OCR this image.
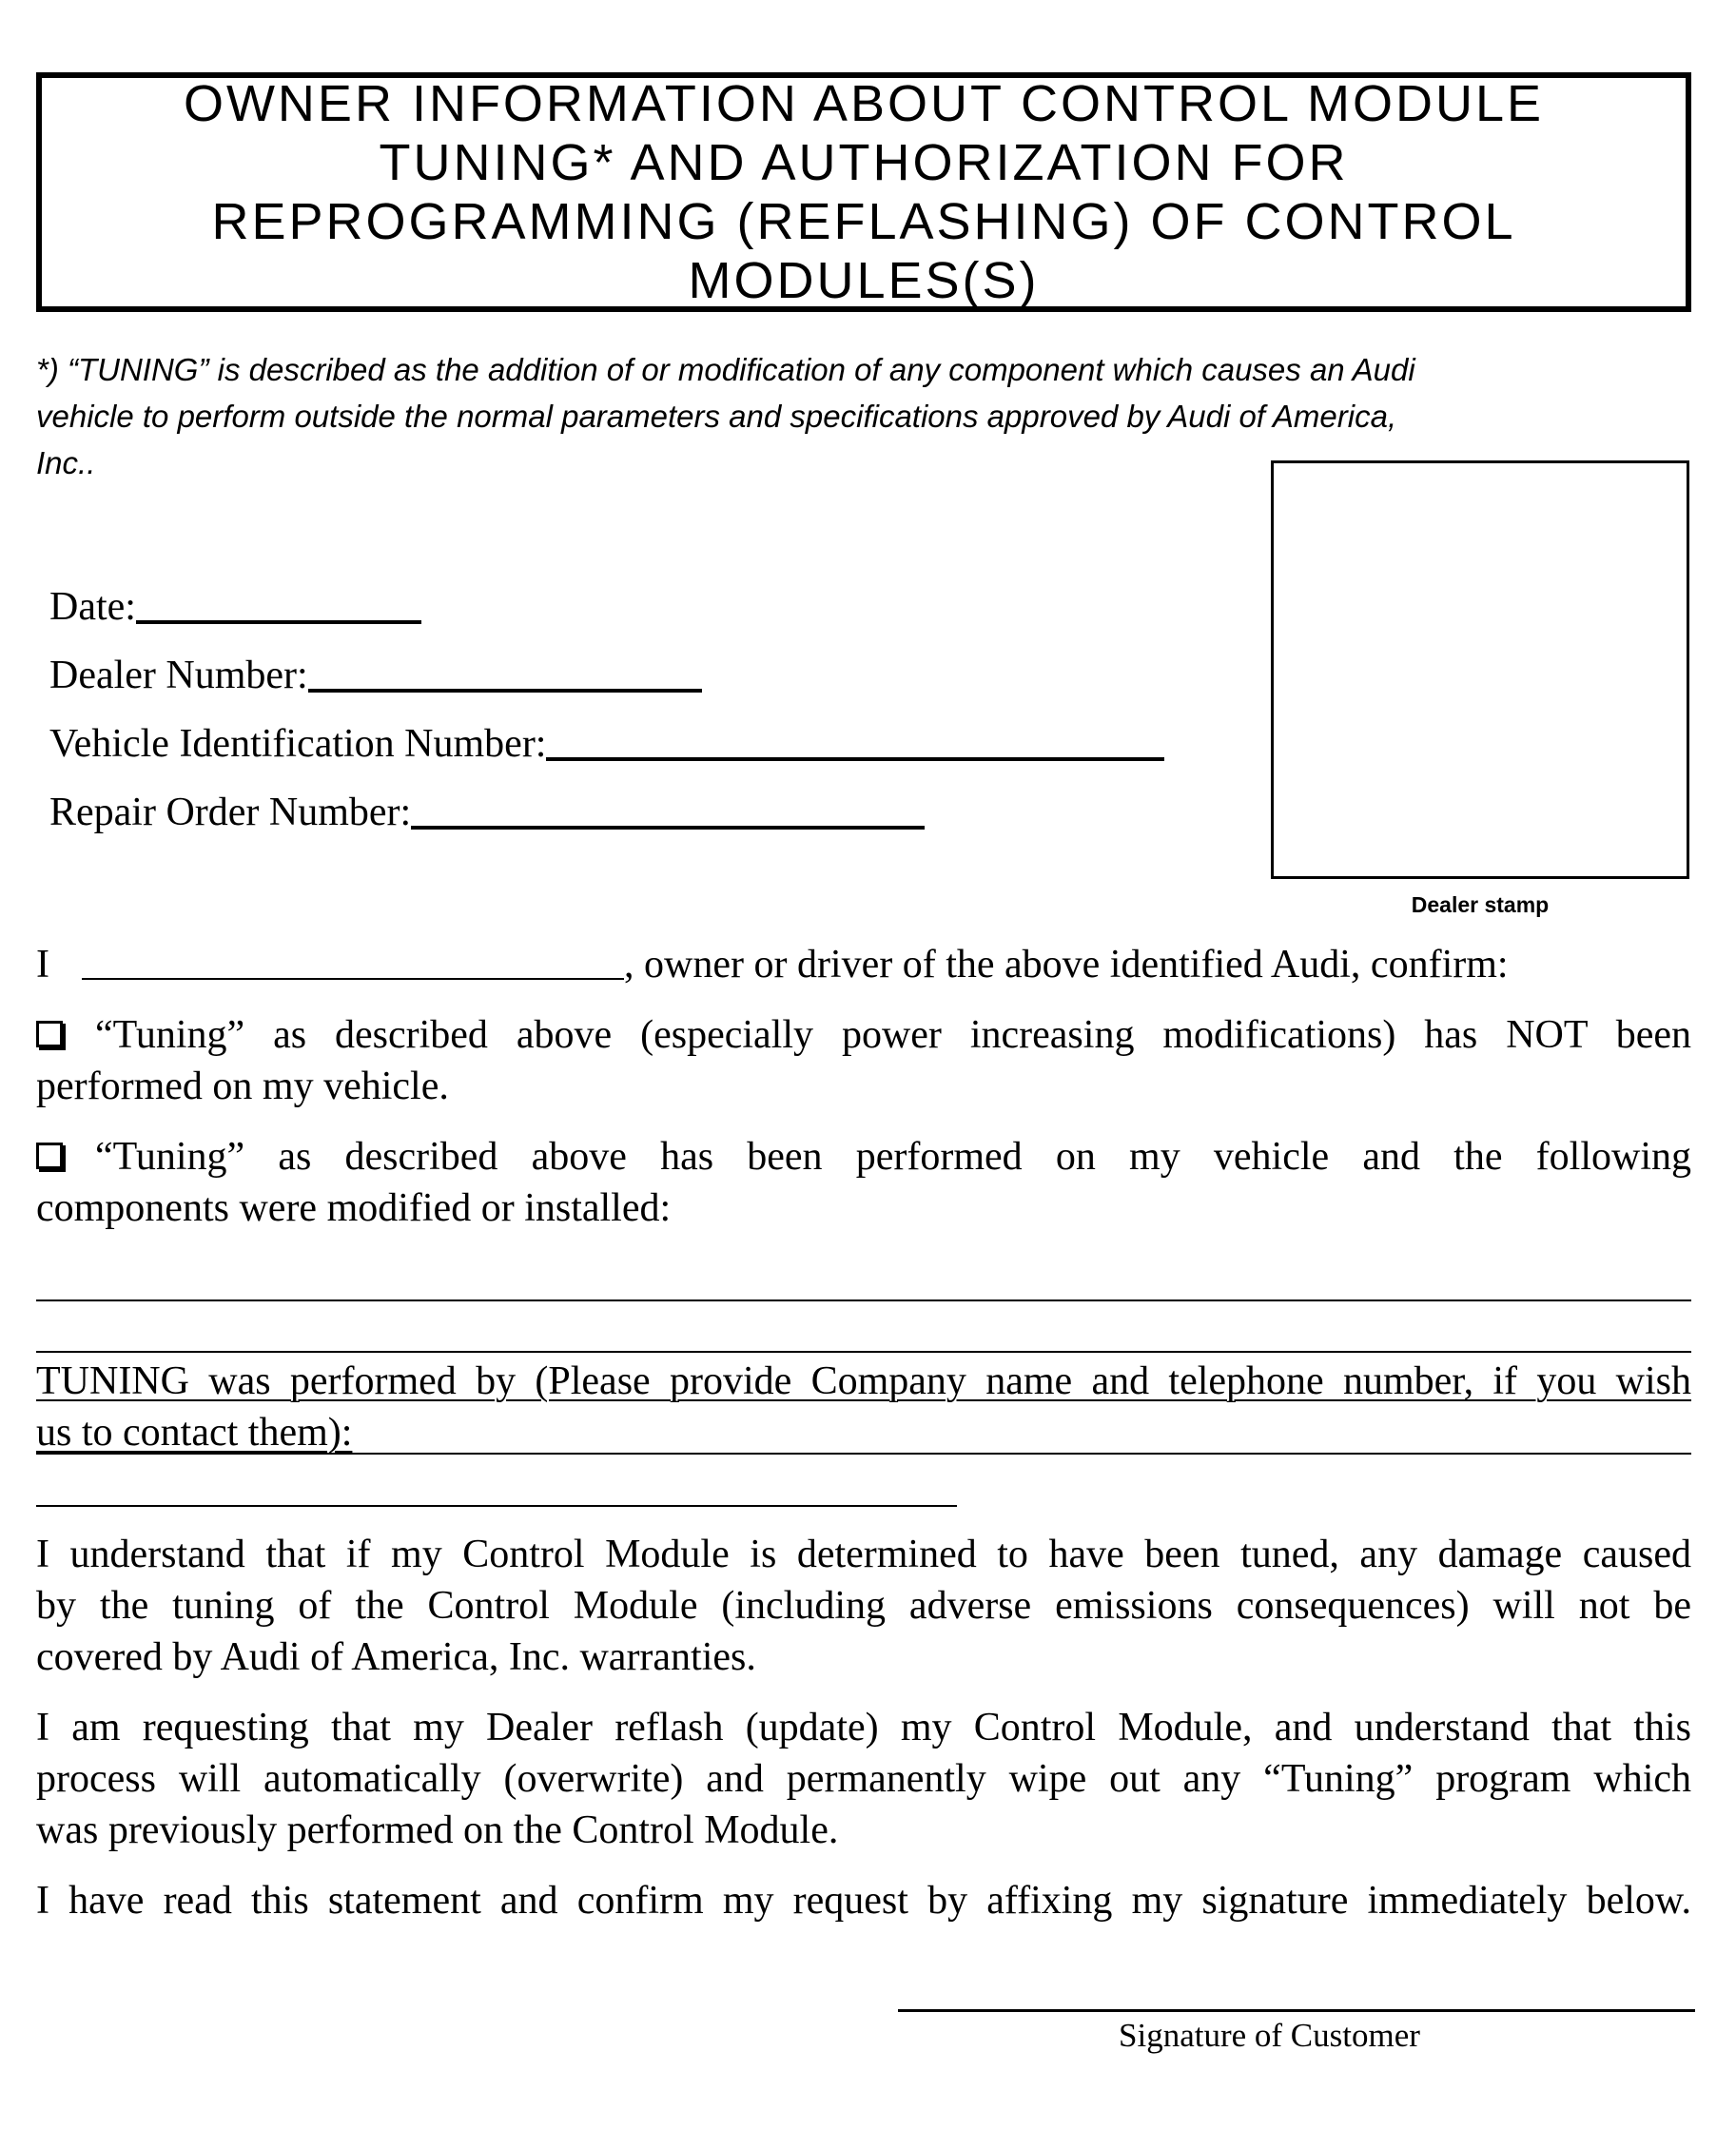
OWNER INFORMATION ABOUT CONTROL MODULE
TUNING* AND AUTHORIZATION FOR
REPROGRAMMING (REFLASHING) OF CONTROL
MODULES(S)
*) “TUNING” is described as the addition of or modification of any component which causes an Audi
vehicle to perform outside the normal parameters and specifications approved by Audi of America,
Inc..
Dealer stamp
Date:
Dealer Number:
Vehicle Identification Number:
Repair Order Number:
I	, owner or driver of the above identified Audi, confirm:
“Tuning” as described above (especially power increasing modifications) has NOT been
performed on my vehicle.
“Tuning” as described above has been performed on my vehicle and the following
components were modified or installed:
TUNING was performed by (Please provide Company name and telephone number, if you wish
us to contact them):
I understand that if my Control Module is determined to have been tuned, any damage caused
by the tuning of the Control Module (including adverse emissions consequences) will not be
covered by Audi of America, Inc. warranties.
I am requesting that my Dealer reflash (update) my Control Module, and understand that this
process will automatically (overwrite) and permanently wipe out any “Tuning” program which
was previously performed on the Control Module.
I have read this statement and confirm my request by affixing my signature immediately below.
Signature of Customer
